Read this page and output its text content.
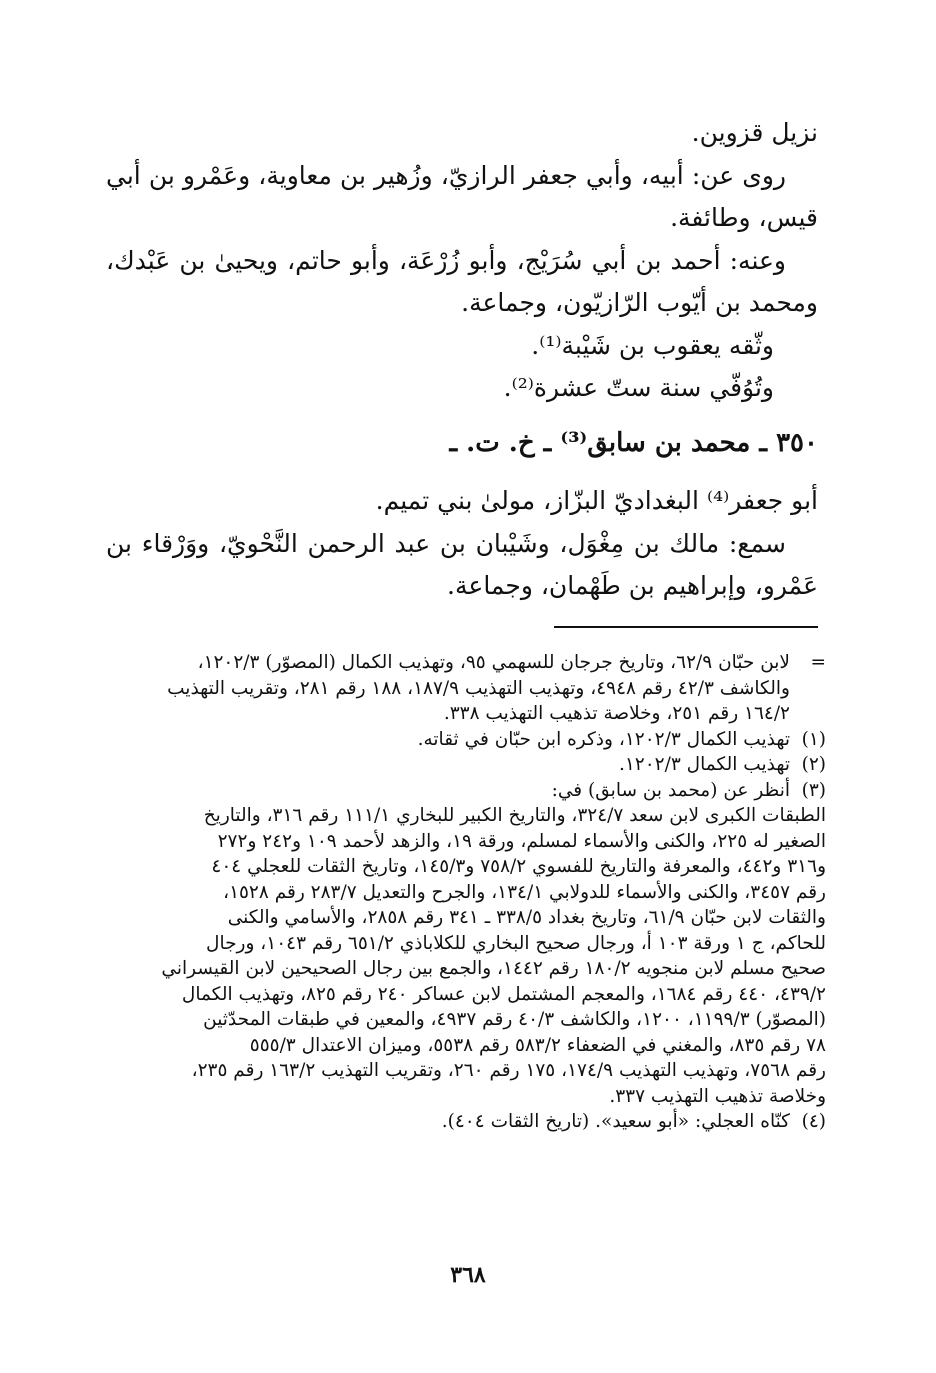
نزيل قزوين.

روى عن: أبيه، وأبي جعفر الرازيّ، وزُهير بن معاوية، وعَمْرو بن أبي قيس، وطائفة.

وعنه: أحمد بن أبي سُرَيْج، وأبو زُرْعَة، وأبو حاتم، ويحيىٰ بن عَبْدك، ومحمد بن أيّوب الرّازيّون، وجماعة.

وثّقه يعقوب بن شَيْبة⁽¹⁾.

وتُوُفّي سنة ستّ عشرة⁽²⁾.

٣٥٠ ـ محمد بن سابق⁽³⁾ ـ خ. ت. ـ

أبو جعفر⁽⁴⁾ البغداديّ البزّاز، مولىٰ بني تميم.

سمع: مالك بن مِغْوَل، وشَيْبان بن عبد الرحمن النَّحْويّ، ووَرْقاء بن عَمْرو، وإبراهيم بن طَهْمان، وجماعة.

=
لابن حبّان ٦٢/٩، وتاريخ جرجان للسهمي ٩٥، وتهذيب الكمال (المصوّر) ١٢٠٢/٣،
والكاشف ٤٢/٣ رقم ٤٩٤٨، وتهذيب التهذيب ١٨٧/٩، ١٨٨ رقم ٢٨١، وتقريب التهذيب
١٦٤/٢ رقم ٢٥١، وخلاصة تذهيب التهذيب ٣٣٨.
(١)
تهذيب الكمال ١٢٠٢/٣، وذكره ابن حبّان في ثقاته.
(٢)
تهذيب الكمال ١٢٠٢/٣.
(٣)
أنظر عن (محمد بن سابق) في:
الطبقات الكبرى لابن سعد ٣٢٤/٧، والتاريخ الكبير للبخاري ١١١/١ رقم ٣١٦، والتاريخ
الصغير له ٢٢٥، والكنى والأسماء لمسلم، ورقة ١٩، والزهد لأحمد ١٠٩ و٢٤٢ و٢٧٢
و٣١٦ و٤٤٢، والمعرفة والتاريخ للفسوي ٧٥٨/٢ و١٤٥/٣، وتاريخ الثقات للعجلي ٤٠٤
رقم ٣٤٥٧، والكنى والأسماء للدولابي ١٣٤/١، والجرح والتعديل ٢٨٣/٧ رقم ١٥٢٨،
والثقات لابن حبّان ٦١/٩، وتاريخ بغداد ٣٣٨/٥ ـ ٣٤١ رقم ٢٨٥٨، والأسامي والكنى
للحاكم، ج ١ ورقة ١٠٣ أ، ورجال صحيح البخاري للكلاباذي ٦٥١/٢ رقم ١٠٤٣، ورجال
صحيح مسلم لابن منجويه ١٨٠/٢ رقم ١٤٤٢، والجمع بين رجال الصحيحين لابن القيسراني
٤٣٩/٢، ٤٤٠ رقم ١٦٨٤، والمعجم المشتمل لابن عساكر ٢٤٠ رقم ٨٢٥، وتهذيب الكمال
(المصوّر) ١١٩٩/٣، ١٢٠٠، والكاشف ٤٠/٣ رقم ٤٩٣٧، والمعين في طبقات المحدّثين
٧٨ رقم ٨٣٥، والمغني في الضعفاء ٥٨٣/٢ رقم ٥٥٣٨، وميزان الاعتدال ٥٥٥/٣
رقم ٧٥٦٨، وتهذيب التهذيب ١٧٤/٩، ١٧٥ رقم ٢٦٠، وتقريب التهذيب ١٦٣/٢ رقم ٢٣٥،
وخلاصة تذهيب التهذيب ٣٣٧.
(٤)
كنّاه العجلي: «أبو سعيد». (تاريخ الثقات ٤٠٤).
٣٦٨
